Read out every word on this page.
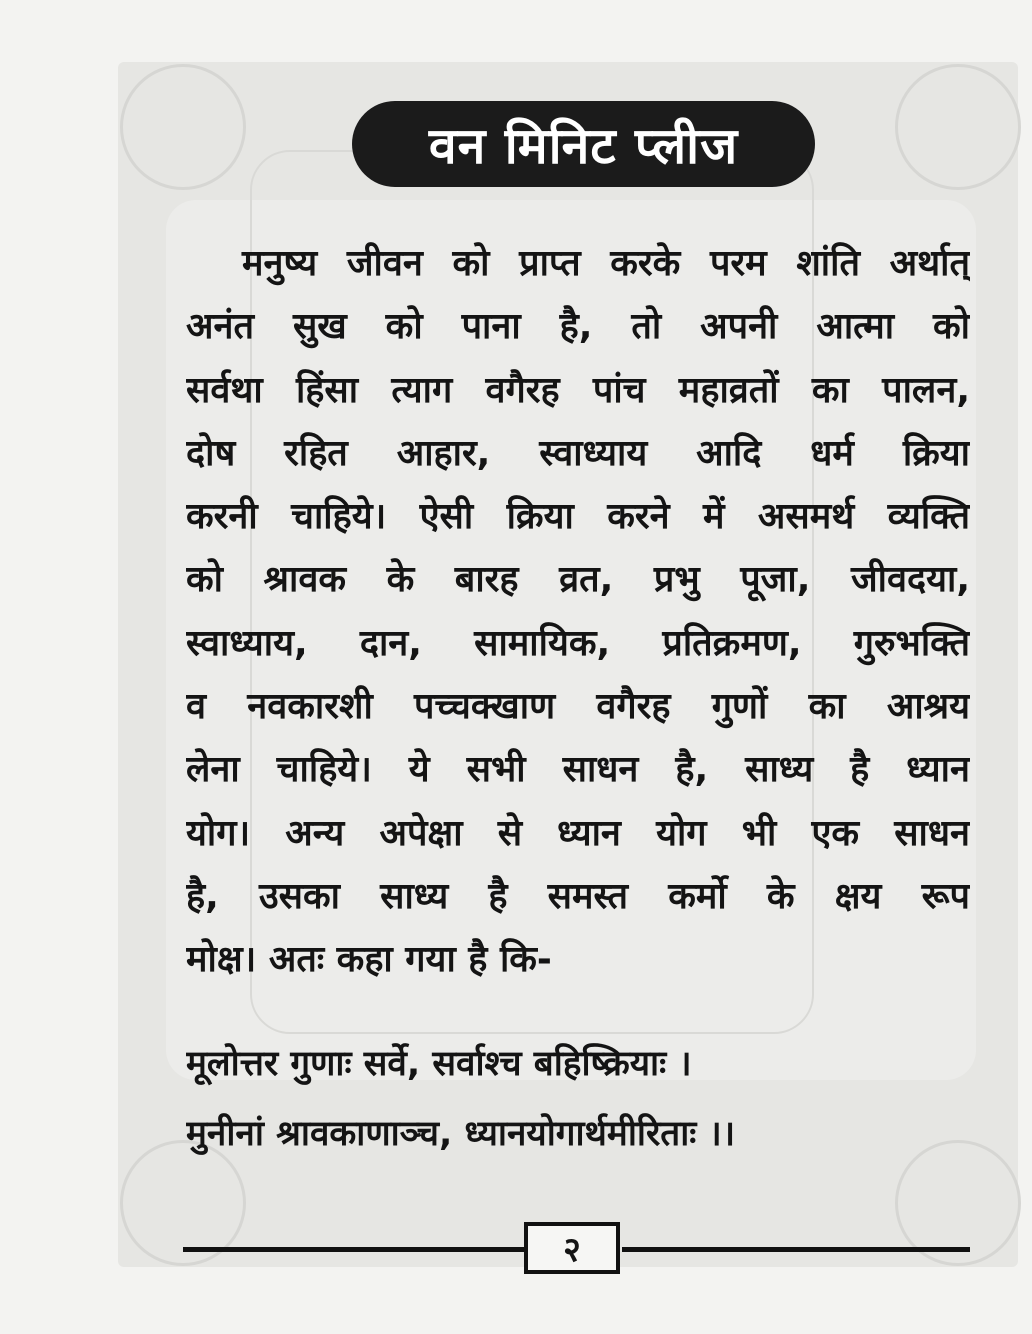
वन मिनिट प्लीज
मनुष्य जीवन को प्राप्त करके परम शांति अर्थात्
अनंत सुख को पाना है, तो अपनी आत्मा को
सर्वथा हिंसा त्याग वगैरह पांच महाव्रतों का पालन,
दोष रहित आहार, स्वाध्याय आदि धर्म क्रिया
करनी चाहिये। ऐसी क्रिया करने में असमर्थ व्यक्ति
को श्रावक के बारह व्रत, प्रभु पूजा, जीवदया,
स्वाध्याय, दान, सामायिक, प्रतिक्रमण, गुरुभक्ति
व नवकारशी पच्चक्खाण वगैरह गुणों का आश्रय
लेना चाहिये। ये सभी साधन है, साध्य है ध्यान
योग। अन्य अपेक्षा से ध्यान योग भी एक साधन
है, उसका साध्य है समस्त कर्मो के क्षय रूप
मोक्ष। अतः कहा गया है कि-
मूलोत्तर गुणाः सर्वे, सर्वाश्च बहिष्क्रियाः ।
मुनीनां श्रावकाणाञ्च, ध्यानयोगार्थमीरिताः ।।
२
